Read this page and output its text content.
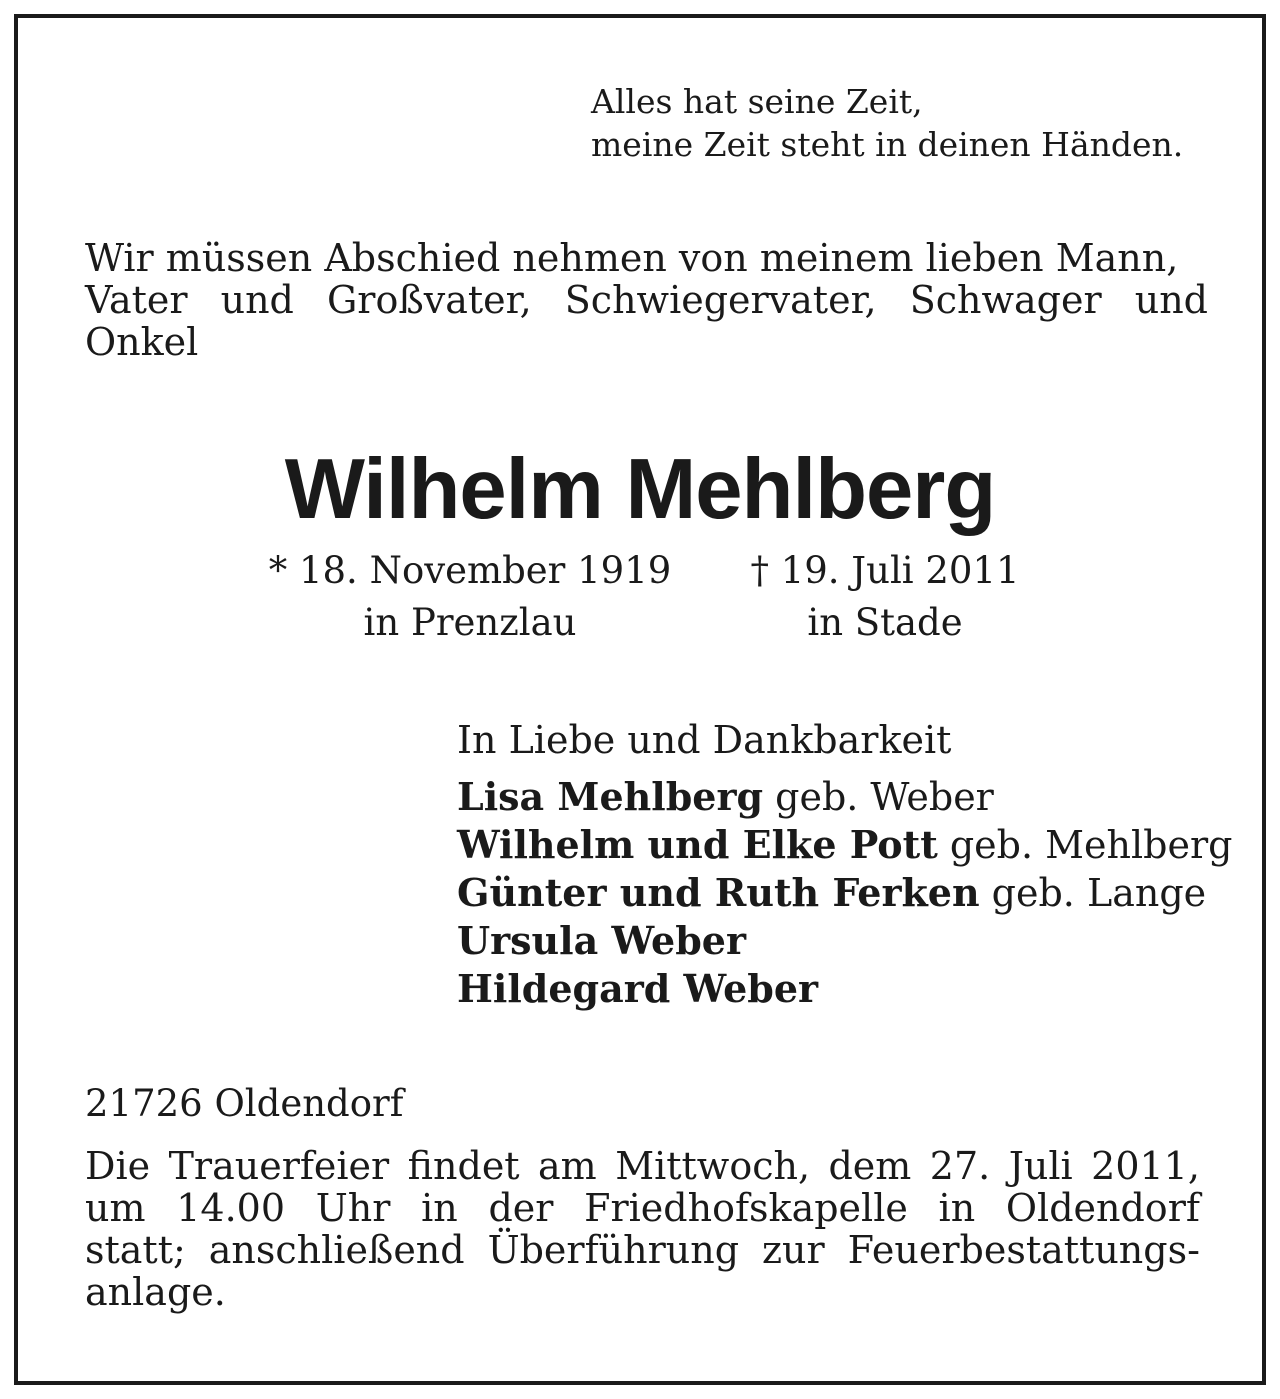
Alles hat seine Zeit,
meine Zeit steht in deinen Händen.
Wir müssen Abschied nehmen von meinem lieben Mann,
Vater und Großvater, Schwiegervater, Schwager und
Onkel
Wilhelm Mehlberg
* 18. November 1919
in Prenzlau
† 19. Juli 2011
in Stade
In Liebe und Dankbarkeit
Lisa Mehlberg geb. Weber
Wilhelm und Elke Pott geb. Mehlberg
Günter und Ruth Ferken geb. Lange
Ursula Weber
Hildegard Weber
21726 Oldendorf
Die Trauerfeier findet am Mittwoch, dem 27. Juli 2011,
um 14.00 Uhr in der Friedhofskapelle in Oldendorf
statt; anschließend Überführung zur Feuerbestattungs-
anlage.
